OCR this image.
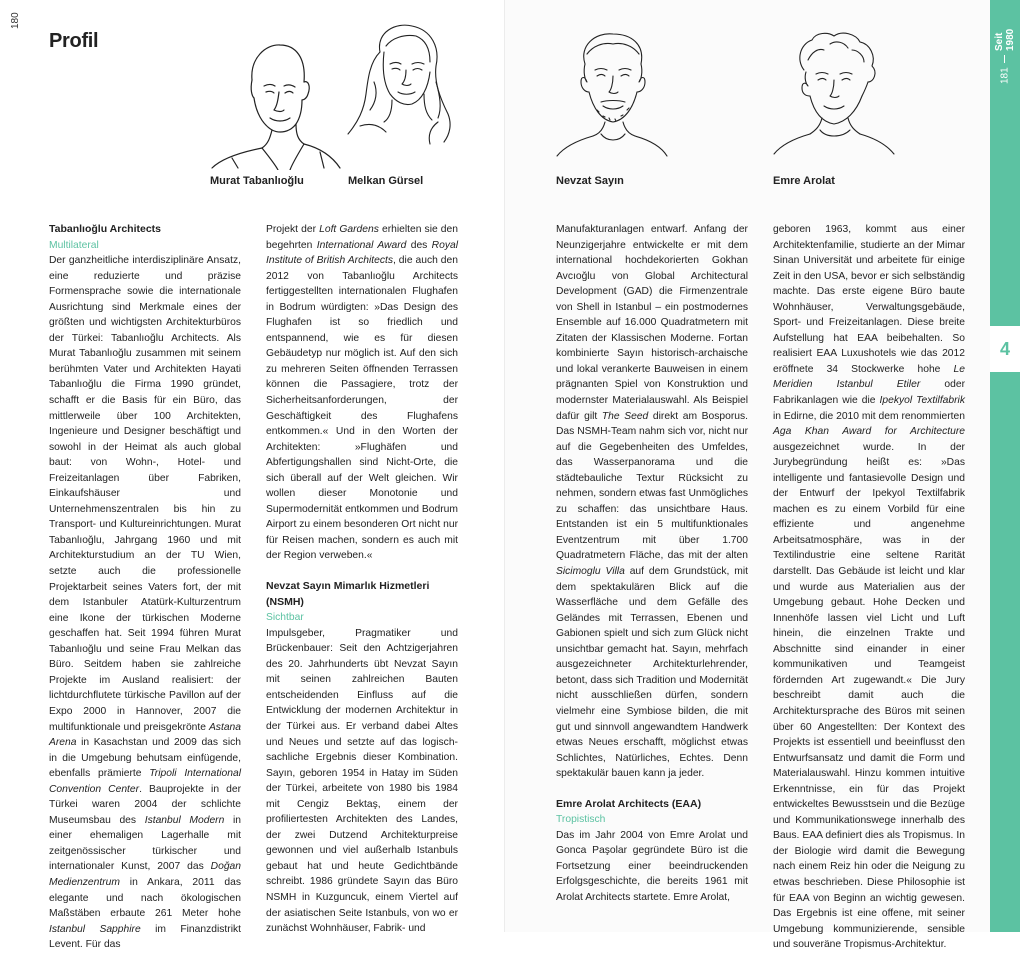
180
Profil
181
Seit 1980
4
Murat Tabanlıoğlu	Melkan Gürsel	Nevzat Sayın	Emre Arolat

Tabanlıoğlu Architects

Multilateral

Der ganzheitliche interdisziplinäre Ansatz, eine reduzierte und präzise Formensprache sowie die internationale Ausrichtung sind Merkmale eines der größten und wichtigsten Architekturbüros der Türkei: Tabanlıoğlu Architects. Als Murat Tabanlıoğlu zusammen mit seinem berühmten Vater und Architekten Hayati Tabanlıoğlu die Firma 1990 gründet, schafft er die Basis für ein Büro, das mittlerweile über 100 Architekten, Ingenieure und Designer beschäftigt und sowohl in der Heimat als auch global baut: von Wohn-, Hotel- und Freizeitanlagen über Fabriken, Einkaufshäuser und Unternehmenszentralen bis hin zu Transport- und Kultureinrichtungen. Murat Tabanlıoğlu, Jahrgang 1960 und mit Architekturstudium an der TU Wien, setzte auch die professionelle Projektarbeit seines Vaters fort, der mit dem Istanbuler Atatürk-Kulturzentrum eine Ikone der türkischen Moderne geschaffen hat. Seit 1994 führen Murat Tabanlıoğlu und seine Frau Melkan das Büro. Seitdem haben sie zahlreiche Projekte im Ausland realisiert: der lichtdurchflutete türkische Pavillon auf der Expo 2000 in Hannover, 2007 die multifunktionale und preisgekrönte Astana Arena in Kasachstan und 2009 das sich in die Umgebung behutsam einfügende, ebenfalls prämierte Tripoli International Convention Center. Bauprojekte in der Türkei waren 2004 der schlichte Museumsbau des Istanbul Modern in einer ehemaligen Lagerhalle mit zeitgenössischer türkischer und internationaler Kunst, 2007 das Doğan Medienzentrum in Ankara, 2011 das elegante und nach ökologischen Maßstäben erbaute 261 Meter hohe Istanbul Sapphire im Finanzdistrikt Levent. Für das

Projekt der Loft Gardens erhielten sie den begehrten International Award des Royal Institute of British Architects, die auch den 2012 von Tabanlıoğlu Architects fertiggestellten internationalen Flughafen in Bodrum würdigten: »Das Design des Flughafen ist so friedlich und entspannend, wie es für diesen Gebäudetyp nur möglich ist. Auf den sich zu mehreren Seiten öffnenden Terrassen können die Passagiere, trotz der Sicherheitsanforderungen, der Geschäftigkeit des Flughafens entkommen.« Und in den Worten der Architekten: »Flughäfen und Abfertigungshallen sind Nicht-Orte, die sich überall auf der Welt gleichen. Wir wollen dieser Monotonie und Supermodernität entkommen und Bodrum Airport zu einem besonderen Ort nicht nur für Reisen machen, sondern es auch mit der Region verweben.«

Nevzat Sayın Mimarlık Hizmetleri (NSMH)

Sichtbar

Impulsgeber, Pragmatiker und Brückenbauer: Seit den Achtzigerjahren des 20. Jahrhunderts übt Nevzat Sayın mit seinen zahlreichen Bauten entscheidenden Einfluss auf die Entwicklung der modernen Architektur in der Türkei aus. Er verband dabei Altes und Neues und setzte auf das logisch-sachliche Ergebnis dieser Kombination. Sayın, geboren 1954 in Hatay im Süden der Türkei, arbeitete von 1980 bis 1984 mit Cengiz Bektaş, einem der profiliertesten Architekten des Landes, der zwei Dutzend Architekturpreise gewonnen und viel außerhalb Istanbuls gebaut hat und heute Gedichtbände schreibt. 1986 gründete Sayın das Büro NSMH in Kuzguncuk, einem Viertel auf der asiatischen Seite Istanbuls, von wo er zunächst Wohnhäuser, Fabrik- und

Manufakturanlagen entwarf. Anfang der Neunzigerjahre entwickelte er mit dem international hochdekorierten Gokhan Avcıoğlu von Global Architectural Development (GAD) die Firmenzentrale von Shell in Istanbul – ein postmodernes Ensemble auf 16.000 Quadratmetern mit Zitaten der Klassischen Moderne. Fortan kombinierte Sayın historisch-archaische und lokal verankerte Bauweisen in einem prägnanten Spiel von Konstruktion und modernster Materialauswahl. Als Beispiel dafür gilt The Seed direkt am Bosporus. Das NSMH-Team nahm sich vor, nicht nur auf die Gegebenheiten des Umfeldes, das Wasserpanorama und die städtebauliche Textur Rücksicht zu nehmen, sondern etwas fast Unmögliches zu schaffen: das unsichtbare Haus. Entstanden ist ein 5 multifunktionales Eventzentrum mit über 1.700 Quadratmetern Fläche, das mit der alten Sicimoglu Villa auf dem Grundstück, mit dem spektakulären Blick auf die Wasserfläche und dem Gefälle des Geländes mit Terrassen, Ebenen und Gabionen spielt und sich zum Glück nicht unsichtbar gemacht hat. Sayın, mehrfach ausgezeichneter Architekturlehrender, betont, dass sich Tradition und Modernität nicht ausschließen dürfen, sondern vielmehr eine Symbiose bilden, die mit gut und sinnvoll angewandtem Handwerk etwas Neues erschafft, möglichst etwas Schlichtes, Natürliches, Echtes. Denn spektakulär bauen kann ja jeder.

Emre Arolat Architects (EAA)

Tropistisch

Das im Jahr 2004 von Emre Arolat und Gonca Paşolar gegründete Büro ist die Fortsetzung einer beeindruckenden Erfolgsgeschichte, die bereits 1961 mit Arolat Architects startete. Emre Arolat,

geboren 1963, kommt aus einer Architektenfamilie, studierte an der Mimar Sinan Universität und arbeitete für einige Zeit in den USA, bevor er sich selbständig machte. Das erste eigene Büro baute Wohnhäuser, Verwaltungsgebäude, Sport- und Freizeitanlagen. Diese breite Aufstellung hat EAA beibehalten. So realisiert EAA Luxushotels wie das 2012 eröffnete 34 Stockwerke hohe Le Meridien Istanbul Etiler oder Fabrikanlagen wie die Ipekyol Textilfabrik in Edirne, die 2010 mit dem renommierten Aga Khan Award for Architecture ausgezeichnet wurde. In der Jurybegründung heißt es: »Das intelligente und fantasievolle Design und der Entwurf der Ipekyol Textilfabrik machen es zu einem Vorbild für eine effiziente und angenehme Arbeitsatmosphäre, was in der Textilindustrie eine seltene Rarität darstellt. Das Gebäude ist leicht und klar und wurde aus Materialien aus der Umgebung gebaut. Hohe Decken und Innenhöfe lassen viel Licht und Luft hinein, die einzelnen Trakte und Abschnitte sind einander in einer kommunikativen und Teamgeist fördernden Art zugewandt.« Die Jury beschreibt damit auch die Architektursprache des Büros mit seinen über 60 Angestellten: Der Kontext des Projekts ist essentiell und beeinflusst den Entwurfsansatz und damit die Form und Materialauswahl. Hinzu kommen intuitive Erkenntnisse, ein für das Projekt entwickeltes Bewusstsein und die Bezüge und Kommunikationswege innerhalb des Baus. EAA definiert dies als Tropismus. In der Biologie wird damit die Bewegung nach einem Reiz hin oder die Neigung zu etwas beschrieben. Diese Philosophie ist für EAA von Beginn an wichtig gewesen. Das Ergebnis ist eine offene, mit seiner Umgebung kommunizierende, sensible und souveräne Tropismus-Architektur.
